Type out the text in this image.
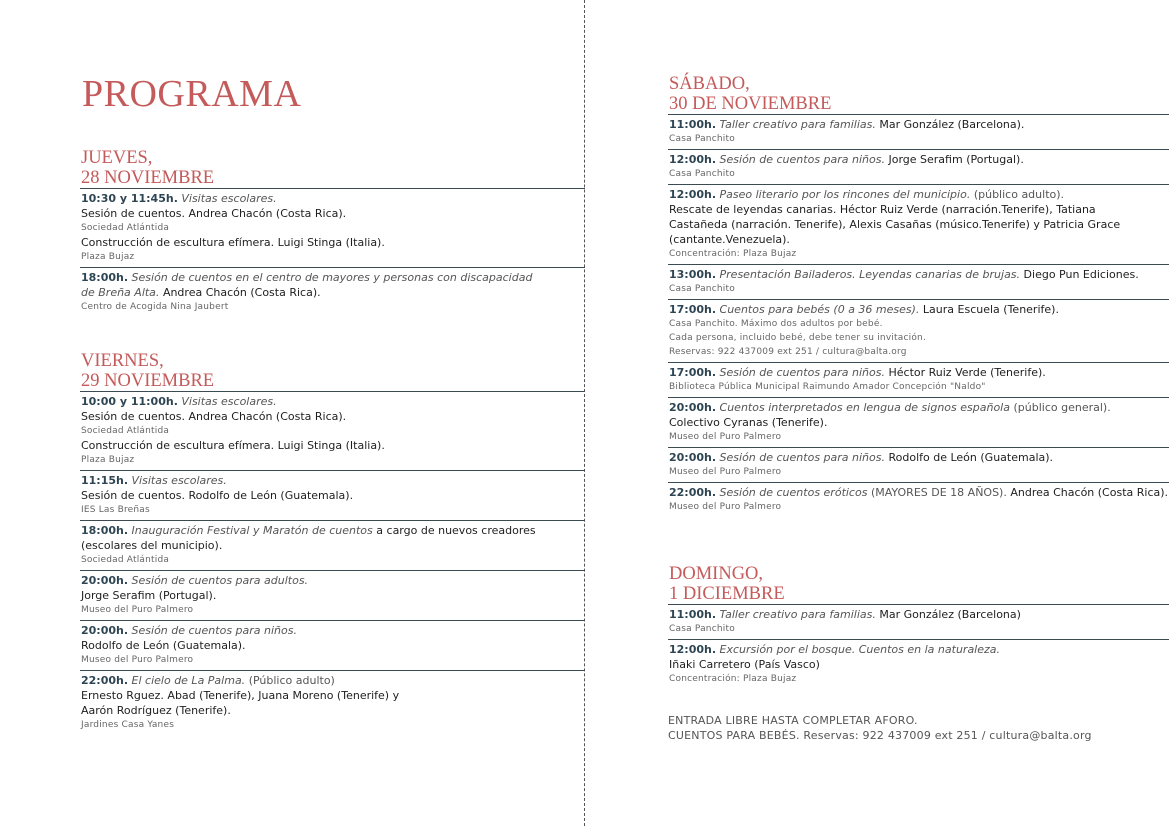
PROGRAMA
JUEVES,
28 NOVIEMBRE
10:30 y 11:45h. Visitas escolares.
Sesión de cuentos. Andrea Chacón (Costa Rica).
Sociedad Atlántida
Construcción de escultura efímera. Luigi Stinga (Italia).
Plaza Bujaz
18:00h. Sesión de cuentos en el centro de mayores y personas con discapacidad
de Breña Alta. Andrea Chacón (Costa Rica).
Centro de Acogida Nina Jaubert
VIERNES,
29 NOVIEMBRE
10:00 y 11:00h. Visitas escolares.
Sesión de cuentos. Andrea Chacón (Costa Rica).
Sociedad Atlántida
Construcción de escultura efímera. Luigi Stinga (Italia).
Plaza Bujaz
11:15h. Visitas escolares.
Sesión de cuentos. Rodolfo de León (Guatemala).
IES Las Breñas
18:00h. Inauguración Festival y Maratón de cuentos a cargo de nuevos creadores
(escolares del municipio).
Sociedad Atlántida
20:00h. Sesión de cuentos para adultos.
Jorge Serafim (Portugal).
Museo del Puro Palmero
20:00h. Sesión de cuentos para niños.
Rodolfo de León (Guatemala).
Museo del Puro Palmero
22:00h. El cielo de La Palma. (Público adulto)
Ernesto Rguez. Abad (Tenerife), Juana Moreno (Tenerife) y
Aarón Rodríguez (Tenerife).
Jardines Casa Yanes
SÁBADO,
30 DE NOVIEMBRE
11:00h. Taller creativo para familias. Mar González (Barcelona).
Casa Panchito
12:00h. Sesión de cuentos para niños. Jorge Serafim (Portugal).
Casa Panchito
12:00h. Paseo literario por los rincones del municipio. (público adulto).
Rescate de leyendas canarias. Héctor Ruiz Verde (narración.Tenerife), Tatiana
Castañeda (narración. Tenerife), Alexis Casañas (músico.Tenerife) y Patricia Grace
(cantante.Venezuela).
Concentración: Plaza Bujaz
13:00h. Presentación Bailaderos. Leyendas canarias de brujas. Diego Pun Ediciones.
Casa Panchito
17:00h. Cuentos para bebés (0 a 36 meses). Laura Escuela (Tenerife).
Casa Panchito. Máximo dos adultos por bebé.
Cada persona, incluido bebé, debe tener su invitación.
Reservas: 922 437009 ext 251 / cultura@balta.org
17:00h. Sesión de cuentos para niños. Héctor Ruiz Verde (Tenerife).
Biblioteca Pública Municipal Raimundo Amador Concepción "Naldo"
20:00h. Cuentos interpretados en lengua de signos española (público general).
Colectivo Cyranas (Tenerife).
Museo del Puro Palmero
20:00h. Sesión de cuentos para niños. Rodolfo de León (Guatemala).
Museo del Puro Palmero
22:00h. Sesión de cuentos eróticos (MAYORES DE 18 AÑOS). Andrea Chacón (Costa Rica).
Museo del Puro Palmero
DOMINGO,
1 DICIEMBRE
11:00h. Taller creativo para familias. Mar González (Barcelona)
Casa Panchito
12:00h. Excursión por el bosque. Cuentos en la naturaleza.
Iñaki Carretero (País Vasco)
Concentración: Plaza Bujaz
ENTRADA LIBRE HASTA COMPLETAR AFORO.
CUENTOS PARA BEBÉS. Reservas: 922 437009 ext 251 / cultura@balta.org
